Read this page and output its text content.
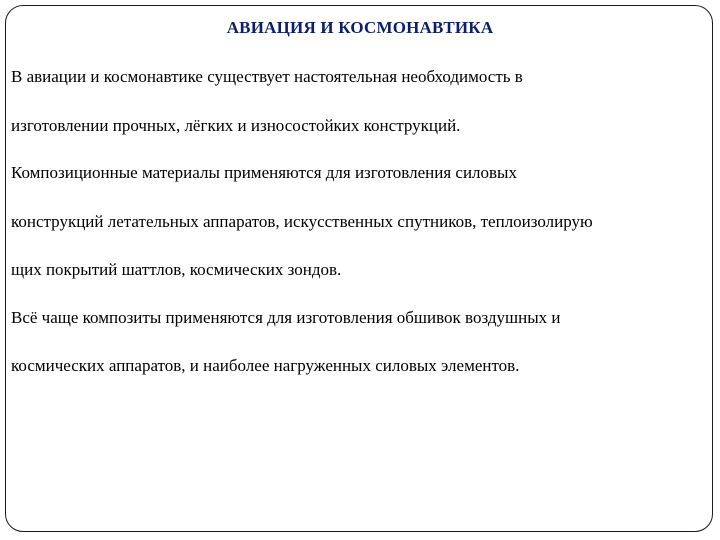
АВИАЦИЯ И КОСМОНАВТИКА
В авиации и космонавтике существует настоятельная необходимость в
изготовлении прочных, лёгких и износостойких конструкций.
Композиционные материалы применяются для изготовления силовых
конструкций летательных аппаратов, искусственных спутников, теплоизолирую
щих покрытий шаттлов, космических зондов.
Всё чаще композиты применяются для изготовления обшивок воздушных и
космических аппаратов, и наиболее нагруженных силовых элементов.
